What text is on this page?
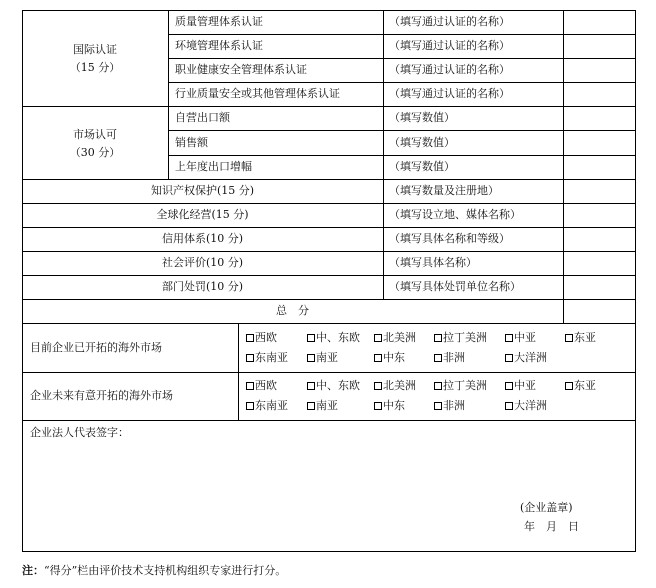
国际认证
（15 分）
质量管理体系认证	（填写通过认证的名称）
环境管理体系认证	（填写通过认证的名称）
职业健康安全管理体系认证	（填写通过认证的名称）
行业质量安全或其他管理体系认证	（填写通过认证的名称）
市场认可
（30 分）
自营出口额	（填写数值）
销售额	（填写数值）
上年度出口增幅	（填写数值）
知识产权保护(15 分)	（填写数量及注册地）
全球化经营(15 分)	（填写设立地、媒体名称）
信用体系(10 分)	（填写具体名称和等级）
社会评价(10 分)	（填写具体名称）
部门处罚(10 分)	（填写具体处罚单位名称）
总　分
目前企业已开拓的海外市场
西欧	中、东欧	北美洲	拉丁美洲	中亚	东亚
东南亚	南亚	中东	非洲	大洋洲
企业未来有意开拓的海外市场
西欧	中、东欧	北美洲	拉丁美洲	中亚	东亚
东南亚	南亚	中东	非洲	大洋洲
企业法人代表签字：
(企业盖章)
年　月　日
注：“得分”栏由评价技术支持机构组织专家进行打分。
